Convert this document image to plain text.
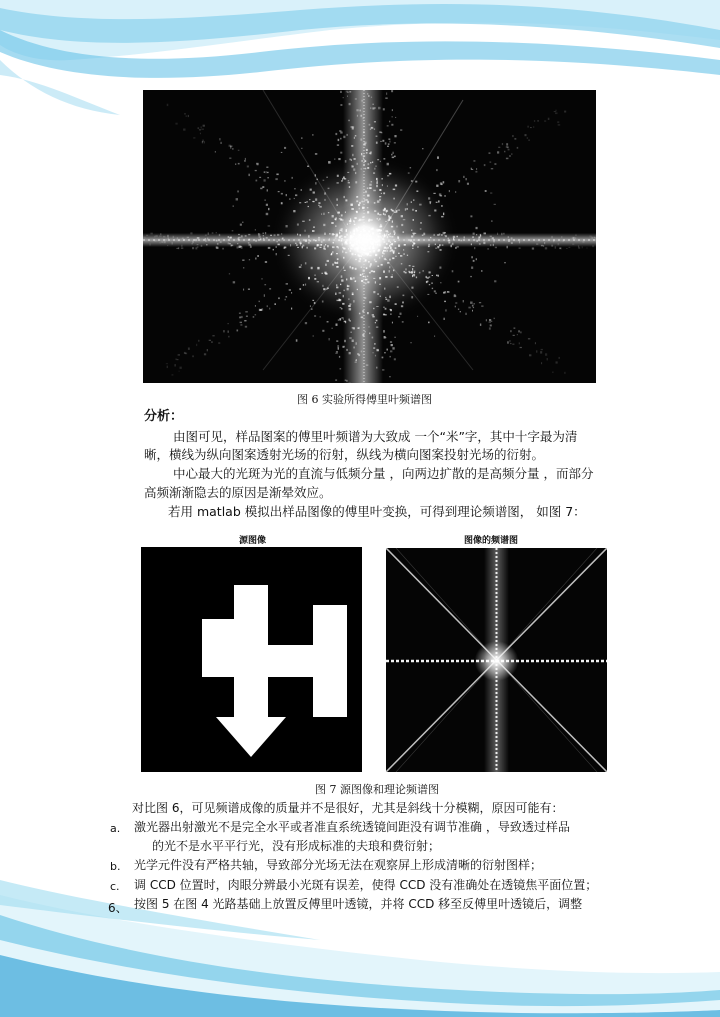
图 6 实验所得傅里叶频谱图
分析：
由图可见，样品图案的傅里叶频谱为大致成 一个“米”字，其中十字最为清
晰，横线为纵向图案透射光场的衍射，纵线为横向图案投射光场的衍射。
中心最大的光斑为光的直流与低频分量 ，向两边扩散的是高频分量 ，而部分
高频渐渐隐去的原因是渐晕效应。
若用 matlab 模拟出样品图像的傅里叶变换，可得到理论频谱图， 如图 7：
源图像	图像的频谱图
图 7 源图像和理论频谱图
对比图 6，可见频谱成像的质量并不是很好，尤其是斜线十分模糊，原因可能有：
a. 激光器出射激光不是完全水平或者准直系统透镜间距没有调节准确 ，导致透过样品
的光不是水平平行光，没有形成标准的夫琅和费衍射；
b. 光学元件没有严格共轴，导致部分光场无法在观察屏上形成清晰的衍射图样；
c. 调 CCD 位置时，肉眼分辨最小光斑有误差，使得 CCD 没有准确处在透镜焦平面位置；
6、 按图 5 在图 4 光路基础上放置反傅里叶透镜，并将 CCD 移至反傅里叶透镜后，调整
